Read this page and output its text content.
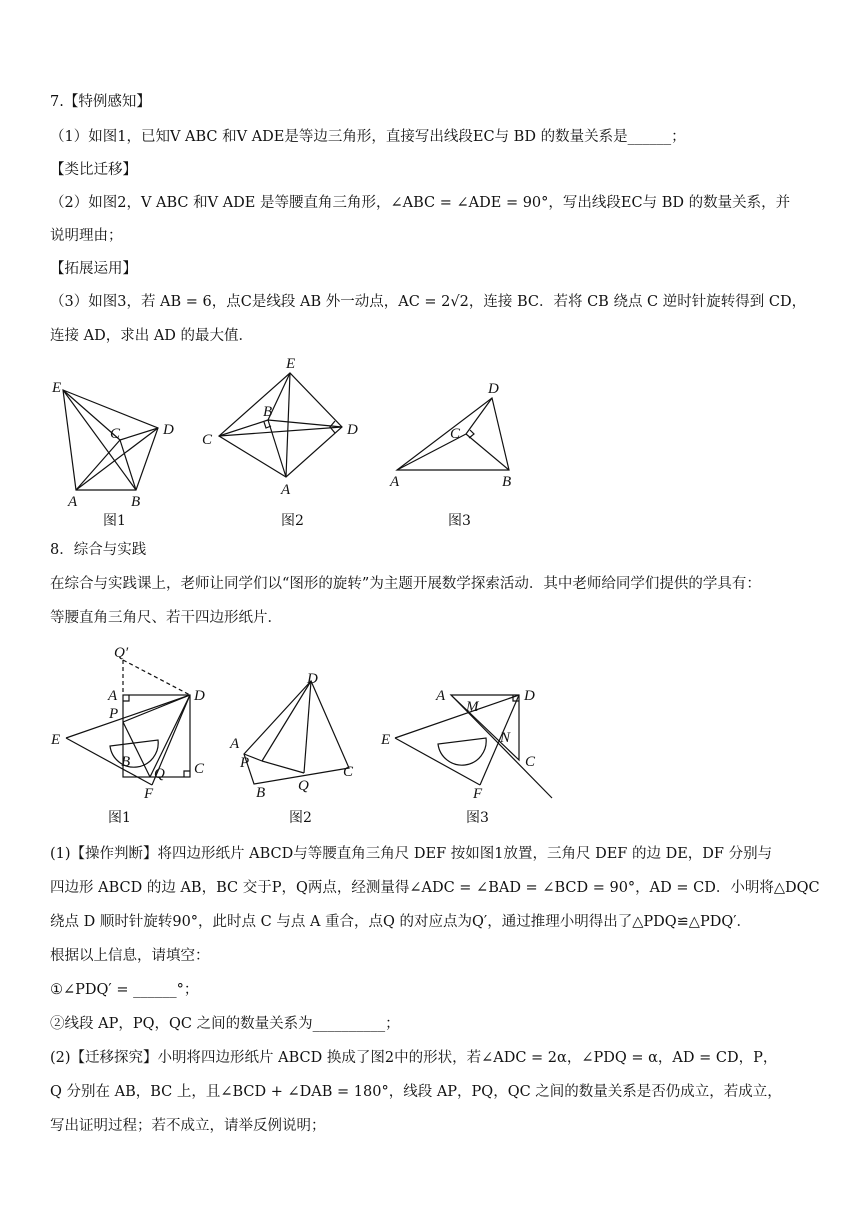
7.【特例感知】
（1）如图1，已知V ABC 和V ADE是等边三角形，直接写出线段EC与 BD 的数量关系是______；
【类比迁移】
（2）如图2，V ABC 和V ADE 是等腰直角三角形，∠ABC = ∠ADE = 90°，写出线段EC与 BD 的数量关系，并
说明理由；
【拓展运用】
（3）如图3，若 AB = 6，点C是线段 AB 外一动点，AC = 2√2，连接 BC．若将 CB 绕点 C 逆时针旋转得到 CD，
连接 AD，求出 AD 的最大值．
E
C	D
A	B
图1
E
C
B
D
A
图2
D
C
A	B
图3
8．综合与实践
在综合与实践课上，老师让同学们以“图形的旋转”为主题开展数学探索活动．其中老师给同学们提供的学具有：
等腰直角三角尺、若干四边形纸片．
Q′
A	D
P
E
B
Q C
F
图1
D
A
P
Q
C
B
图2
A
M
D
E	N
C
F
图3
(1)【操作判断】将四边形纸片 ABCD与等腰直角三角尺 DEF 按如图1放置，三角尺 DEF 的边 DE，DF 分别与
四边形 ABCD 的边 AB，BC 交于P，Q两点，经测量得∠ADC = ∠BAD = ∠BCD = 90°，AD = CD．小明将△DQC
绕点 D 顺时针旋转90°，此时点 C 与点 A 重合，点Q 的对应点为Q′，通过推理小明得出了△PDQ≌△PDQ′．
根据以上信息，请填空：
①∠PDQ′ = ______°；
②线段 AP，PQ，QC 之间的数量关系为__________；
(2)【迁移探究】小明将四边形纸片 ABCD 换成了图2中的形状，若∠ADC = 2α，∠PDQ = α，AD = CD，P，
Q 分别在 AB，BC 上，且∠BCD + ∠DAB = 180°，线段 AP，PQ，QC 之间的数量关系是否仍成立，若成立，
写出证明过程；若不成立，请举反例说明；
